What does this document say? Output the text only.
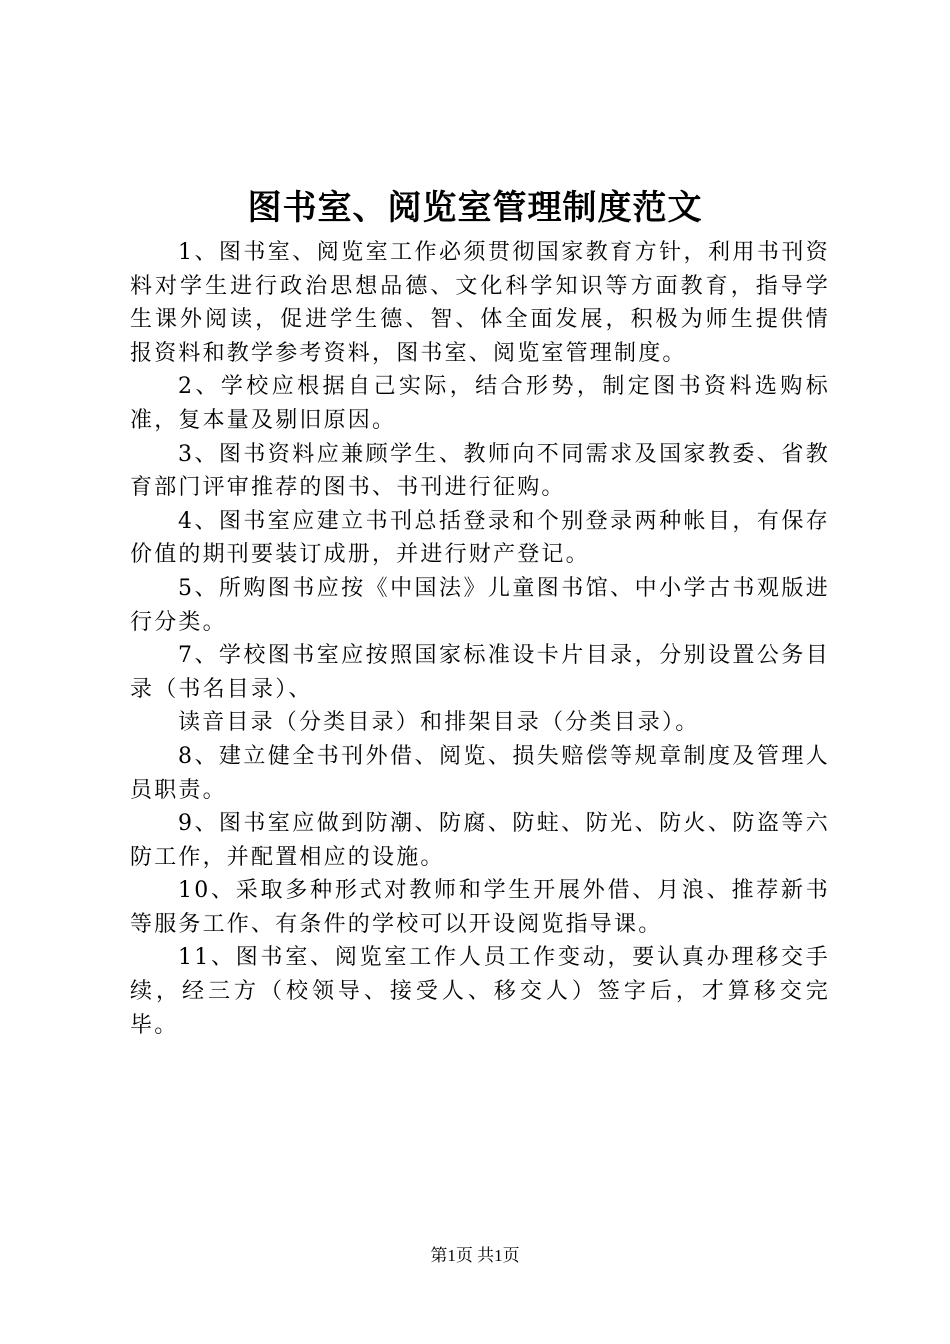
图书室、阅览室管理制度范文

1、图书室、阅览室工作必须贯彻国家教育方针，利用书刊资料对学生进行政治思想品德、文化科学知识等方面教育，指导学生课外阅读，促进学生德、智、体全面发展，积极为师生提供情报资料和教学参考资料，图书室、阅览室管理制度。

2、学校应根据自己实际，结合形势，制定图书资料选购标准，复本量及剔旧原因。

3、图书资料应兼顾学生、教师向不同需求及国家教委、省教育部门评审推荐的图书、书刊进行征购。

4、图书室应建立书刊总括登录和个别登录两种帐目，有保存价值的期刊要装订成册，并进行财产登记。

5、所购图书应按《中国法》儿童图书馆、中小学古书观版进行分类。

7、学校图书室应按照国家标准设卡片目录，分别设置公务目录（书名目录）、

读音目录（分类目录）和排架目录（分类目录）。

8、建立健全书刊外借、阅览、损失赔偿等规章制度及管理人员职责。

9、图书室应做到防潮、防腐、防蛀、防光、防火、防盗等六防工作，并配置相应的设施。

10、采取多种形式对教师和学生开展外借、月浪、推荐新书等服务工作、有条件的学校可以开设阅览指导课。

11、图书室、阅览室工作人员工作变动，要认真办理移交手续，经三方（校领导、接受人、移交人）签字后，才算移交完毕。

第1页 共1页
